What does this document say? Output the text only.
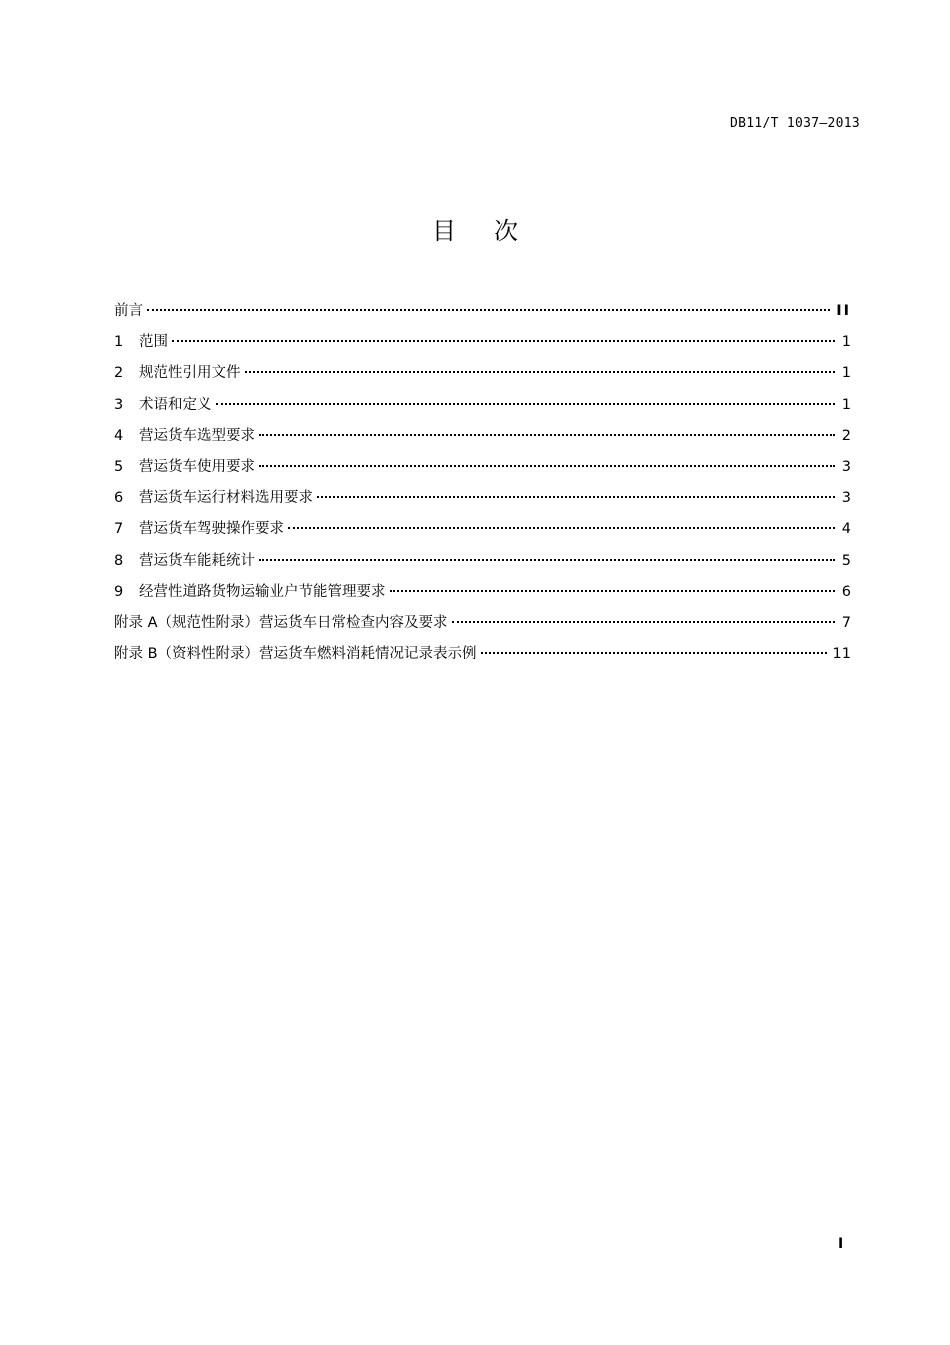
DB11/T 1037—2013
目次
前言	II
1	范围	1
2	规范性引用文件	1
3	术语和定义	1
4	营运货车选型要求	2
5	营运货车使用要求	3
6	营运货车运行材料选用要求	3
7	营运货车驾驶操作要求	4
8	营运货车能耗统计	5
9	经营性道路货物运输业户节能管理要求	6
附录 A（规范性附录）营运货车日常检查内容及要求	7
附录 B（资料性附录）营运货车燃料消耗情况记录表示例	11
I
